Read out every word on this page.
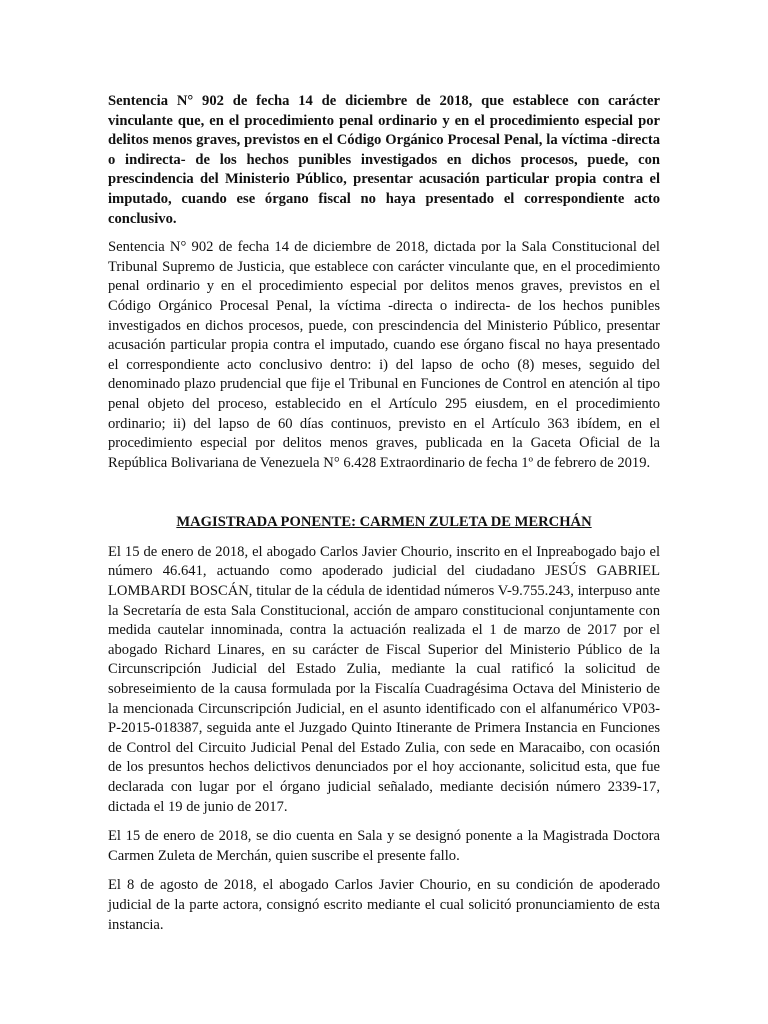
Sentencia N° 902 de fecha 14 de diciembre de 2018, que establece con carácter vinculante que, en el procedimiento penal ordinario y en el procedimiento especial por delitos menos graves, previstos en el Código Orgánico Procesal Penal, la víctima -directa o indirecta- de los hechos punibles investigados en dichos procesos, puede, con prescindencia del Ministerio Público, presentar acusación particular propia contra el imputado, cuando ese órgano fiscal no haya presentado el correspondiente acto conclusivo.

Sentencia N° 902 de fecha 14 de diciembre de 2018, dictada por la Sala Constitucional del Tribunal Supremo de Justicia, que establece con carácter vinculante que, en el procedimiento penal ordinario y en el procedimiento especial por delitos menos graves, previstos en el Código Orgánico Procesal Penal, la víctima -directa o indirecta- de los hechos punibles investigados en dichos procesos, puede, con prescindencia del Ministerio Público, presentar acusación particular propia contra el imputado, cuando ese órgano fiscal no haya presentado el correspondiente acto conclusivo dentro: i) del lapso de ocho (8) meses, seguido del denominado plazo prudencial que fije el Tribunal en Funciones de Control en atención al tipo penal objeto del proceso, establecido en el Artículo 295 eiusdem, en el procedimiento ordinario; ii) del lapso de 60 días continuos, previsto en el Artículo 363 ibídem, en el procedimiento especial por delitos menos graves, publicada en la Gaceta Oficial de la República Bolivariana de Venezuela N° 6.428 Extraordinario de fecha 1º de febrero de 2019.

MAGISTRADA PONENTE: CARMEN ZULETA DE MERCHÁN

El 15 de enero de 2018, el abogado Carlos Javier Chourio, inscrito en el Inpreabogado bajo el número 46.641, actuando como apoderado judicial del ciudadano JESÚS GABRIEL LOMBARDI BOSCÁN, titular de la cédula de identidad números V-9.755.243, interpuso ante la Secretaría de esta Sala Constitucional, acción de amparo constitucional conjuntamente con medida cautelar innominada, contra la actuación realizada el 1 de marzo de 2017 por el abogado Richard Linares, en su carácter de Fiscal Superior del Ministerio Público de la Circunscripción Judicial del Estado Zulia, mediante la cual ratificó la solicitud de sobreseimiento de la causa formulada por la Fiscalía Cuadragésima Octava del Ministerio de la mencionada Circunscripción Judicial, en el asunto identificado con el alfanumérico VP03-P-2015-018387, seguida ante el Juzgado Quinto Itinerante de Primera Instancia en Funciones de Control del Circuito Judicial Penal del Estado Zulia, con sede en Maracaibo, con ocasión de los presuntos hechos delictivos denunciados por el hoy accionante, solicitud esta, que fue declarada con lugar por el órgano judicial señalado, mediante decisión número 2339-17, dictada el 19 de junio de 2017.

El 15 de enero de 2018, se dio cuenta en Sala y se designó ponente a la Magistrada Doctora Carmen Zuleta de Merchán, quien suscribe el presente fallo.

El 8 de agosto de 2018, el abogado Carlos Javier Chourio, en su condición de apoderado judicial de la parte actora, consignó escrito mediante el cual solicitó pronunciamiento de esta instancia.
